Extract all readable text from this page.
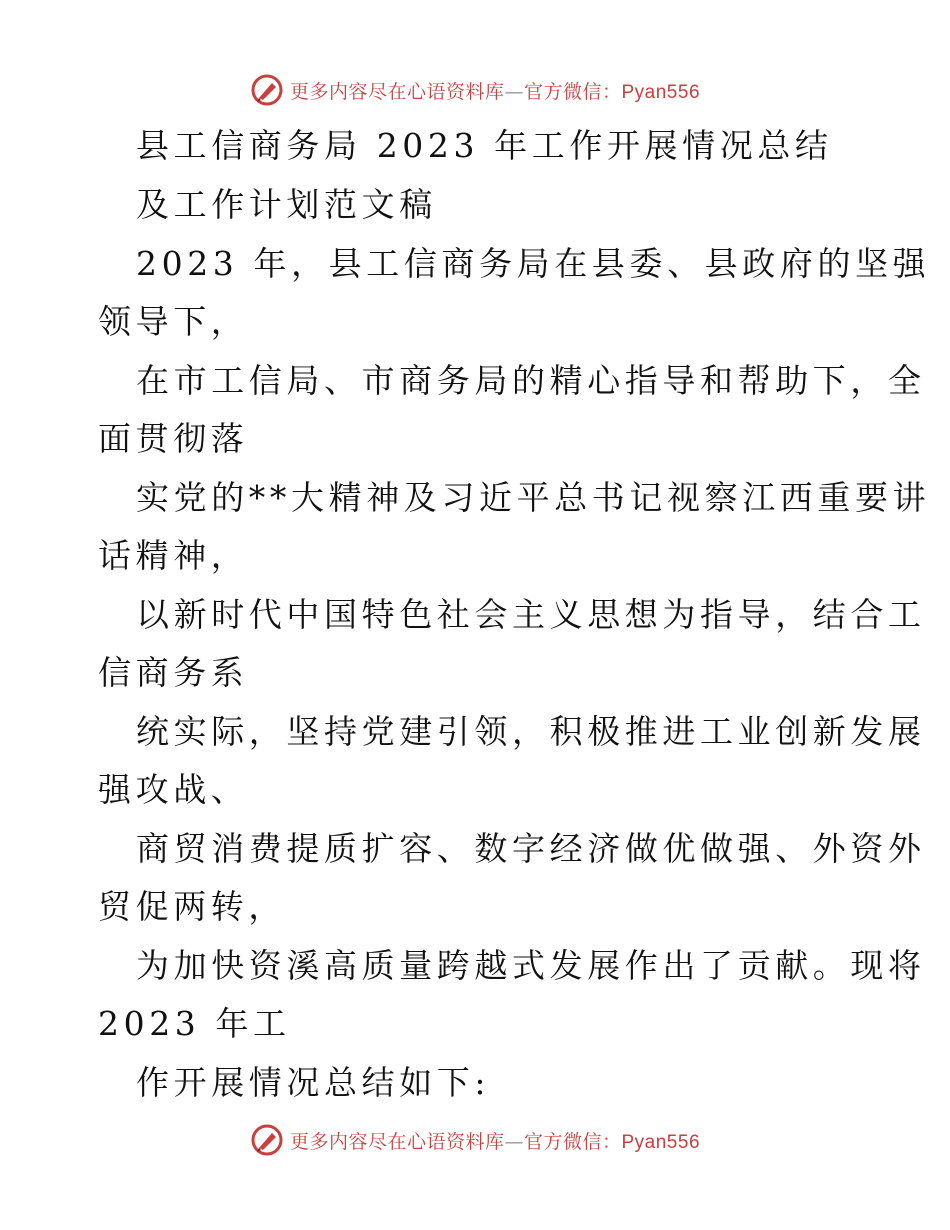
更多内容尽在心语资料库—官方微信：Pyan556
县工信商务局 2023 年工作开展情况总结
及工作计划范文稿
2023 年，县工信商务局在县委、县政府的坚强
领导下，
在市工信局、市商务局的精心指导和帮助下，全
面贯彻落
实党的**大精神及习近平总书记视察江西重要讲
话精神，
以新时代中国特色社会主义思想为指导，结合工
信商务系
统实际，坚持党建引领，积极推进工业创新发展
强攻战、
商贸消费提质扩容、数字经济做优做强、外资外
贸促两转，
为加快资溪高质量跨越式发展作出了贡献。现将
2023 年工
作开展情况总结如下:
更多内容尽在心语资料库—官方微信：Pyan556
